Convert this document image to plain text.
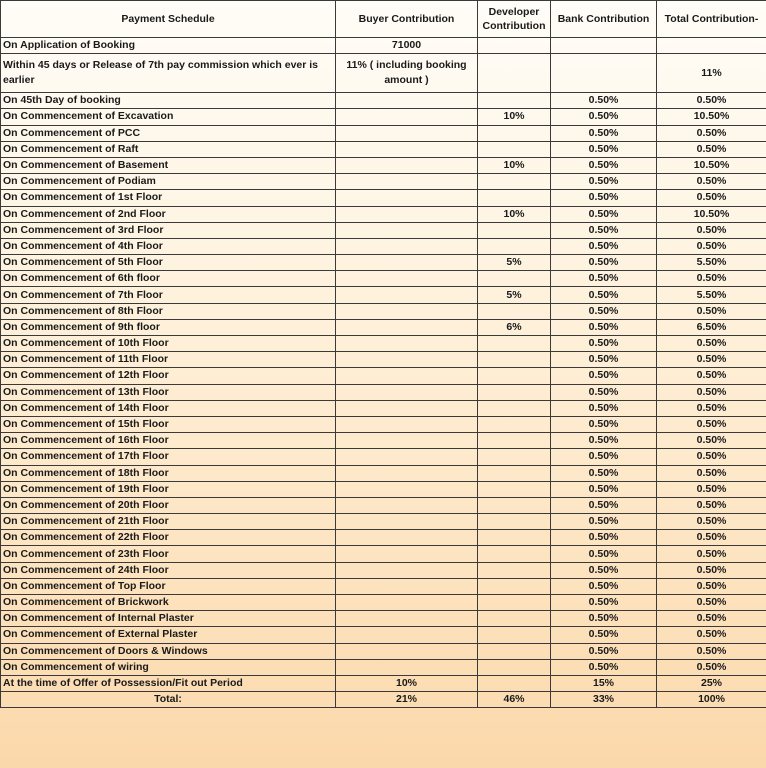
Payment Schedule	Buyer Contribution	Developer Contribution	Bank Contribution	Total Contribution-
On Application of Booking	71000			
Within 45 days or Release of 7th pay commission which ever is earlier	11% ( including booking amount )			11%
On 45th Day of booking			0.50%	0.50%
On Commencement of Excavation		10%	0.50%	10.50%
On Commencement of PCC			0.50%	0.50%
On Commencement of Raft			0.50%	0.50%
On Commencement of Basement		10%	0.50%	10.50%
On Commencement of Podiam			0.50%	0.50%
On Commencement of 1st Floor			0.50%	0.50%
On Commencement of 2nd Floor		10%	0.50%	10.50%
On Commencement of 3rd Floor			0.50%	0.50%
On Commencement of 4th Floor			0.50%	0.50%
On Commencement of 5th Floor		5%	0.50%	5.50%
On Commencement of 6th floor			0.50%	0.50%
On Commencement of 7th Floor		5%	0.50%	5.50%
On Commencement of 8th Floor			0.50%	0.50%
On Commencement of 9th floor		6%	0.50%	6.50%
On Commencement of 10th Floor			0.50%	0.50%
On Commencement of 11th Floor			0.50%	0.50%
On Commencement of 12th Floor			0.50%	0.50%
On Commencement of 13th Floor			0.50%	0.50%
On Commencement of 14th Floor			0.50%	0.50%
On Commencement of 15th Floor			0.50%	0.50%
On Commencement of 16th Floor			0.50%	0.50%
On Commencement of 17th Floor			0.50%	0.50%
On Commencement of 18th Floor			0.50%	0.50%
On Commencement of 19th Floor			0.50%	0.50%
On Commencement of 20th Floor			0.50%	0.50%
On Commencement of 21th Floor			0.50%	0.50%
On Commencement of 22th Floor			0.50%	0.50%
On Commencement of 23th Floor			0.50%	0.50%
On Commencement of 24th Floor			0.50%	0.50%
On Commencement of Top Floor			0.50%	0.50%
On Commencement of Brickwork			0.50%	0.50%
On Commencement of Internal Plaster			0.50%	0.50%
On Commencement of External Plaster			0.50%	0.50%
On Commencement of Doors & Windows			0.50%	0.50%
On Commencement of wiring			0.50%	0.50%
At the time of Offer of Possession/Fit out Period	10%		15%	25%
Total:	21%	46%	33%	100%
